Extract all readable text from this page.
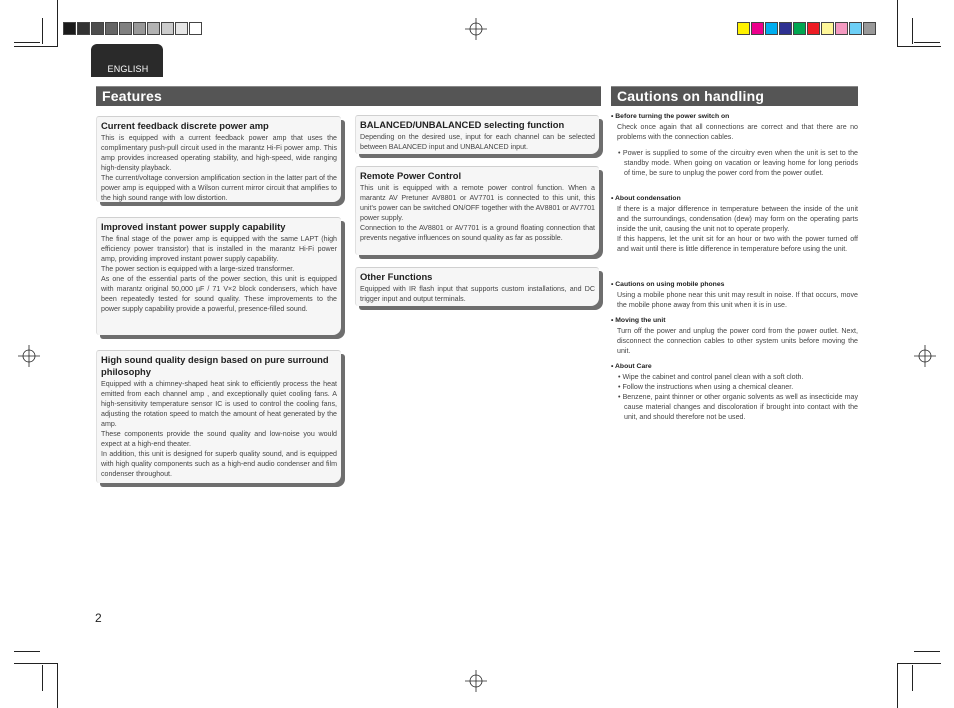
ENGLISH
Features	Cautions on handling
Current feedback discrete power amp

This is equipped with a current feedback power amp that uses the complimentary push-pull circuit used in the marantz Hi-Fi power amp. This amp provides increased operating stability, and high-speed, wide ranging high-density playback.

The current/voltage conversion amplification section in the latter part of the power amp is equipped with a Wilson current mirror circuit that amplifies to the high sound range with low distortion.

Improved instant power supply capability

The final stage of the power amp is equipped with the same LAPT (high efficiency power transistor) that is installed in the marantz Hi-Fi power amp, providing improved instant power supply capability.

The power section is equipped with a large-sized transformer.

As one of the essential parts of the power section, this unit is equipped with marantz original 50,000 µF / 71 V×2 block condensers, which have been repeatedly tested for sound quality. These improvements to the power supply capability provide a powerful, presence-filled sound.

High sound quality design based on pure surround philosophy

Equipped with a chimney-shaped heat sink to efficiently process the heat emitted from each channel amp , and exceptionally quiet cooling fans. A high-sensitivity temperature sensor IC is used to control the cooling fans, adjusting the rotation speed to match the amount of heat generated by the amp.

These components provide the sound quality and low-noise you would expect at a high-end theater.

In addition, this unit is designed for superb quality sound, and is equipped with high quality components such as a high-end audio condenser and film condenser throughout.

BALANCED/UNBALANCED selecting function

Depending on the desired use, input for each channel can be selected between BALANCED input and UNBALANCED input.

Remote Power Control

This unit is equipped with a remote power control function. When a marantz AV Pretuner AV8801 or AV7701 is connected to this unit, this unit’s power can be switched ON/OFF together with the AV8801 or AV7701 power supply.

Connection to the AV8801 or AV7701 is a ground floating connection that prevents negative influences on sound quality as far as possible.

Other Functions

Equipped with IR flash input that supports custom installations, and DC trigger input and output terminals.

• Before turning the power switch on
Check once again that all connections are correct and that there are no problems with the connection cables.
• Power is supplied to some of the circuitry even when the unit is set to the standby mode. When going on vacation or leaving home for long periods of time, be sure to unplug the power cord from the power outlet.
• About condensation
If there is a major difference in temperature between the inside of the unit and the surroundings, condensation (dew) may form on the operating parts inside the unit, causing the unit not to operate properly.
If this happens, let the unit sit for an hour or two with the power turned off and wait until there is little difference in temperature before using the unit.
• Cautions on using mobile phones
Using a mobile phone near this unit may result in noise. If that occurs, move the mobile phone away from this unit when it is in use.
• Moving the unit
Turn off the power and unplug the power cord from the power outlet. Next, disconnect the connection cables to other system units before moving the unit.
• About Care
• Wipe the cabinet and control panel clean with a soft cloth.
• Follow the instructions when using a chemical cleaner.
• Benzene, paint thinner or other organic solvents as well as insecticide may cause material changes and discoloration if brought into contact with the unit, and should therefore not be used.
2
